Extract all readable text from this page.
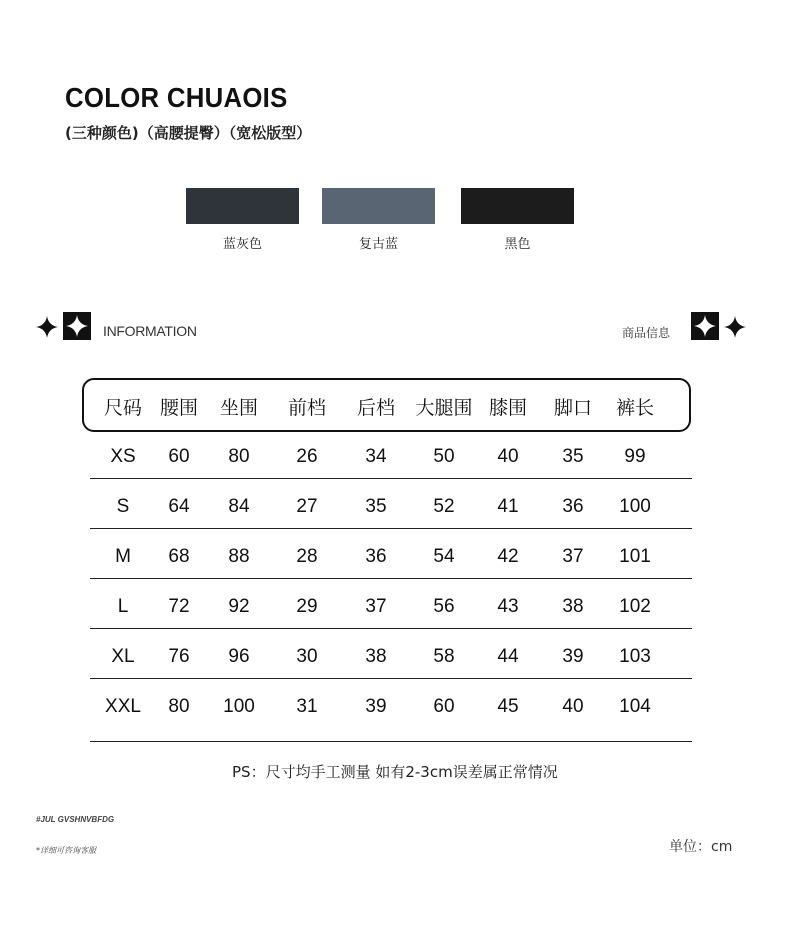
COLOR CHUAOIS
(三种颜色)（高腰提臀）（宽松版型）
蓝灰色	复古蓝	黑色
INFORMATION	商品信息
尺码 腰围 坐围 前档 后档 大腿围 膝围 脚口 裤长
XS 60 80 26	34 50 40 35 99
S 64 84 27	35 52 41 36 100
M 68 88 28	36 54 42 37 101
L 72 92 29	37 56 43 38 102
XL 76 96 30	38 58 44 39 103
XXL 80 100 31	39 60 45 40 104
PS：尺寸均手工测量 如有2-3cm误差属正常情况
#JUL GVSHNVBFDG
*详细可咨询客服	单位：cm
